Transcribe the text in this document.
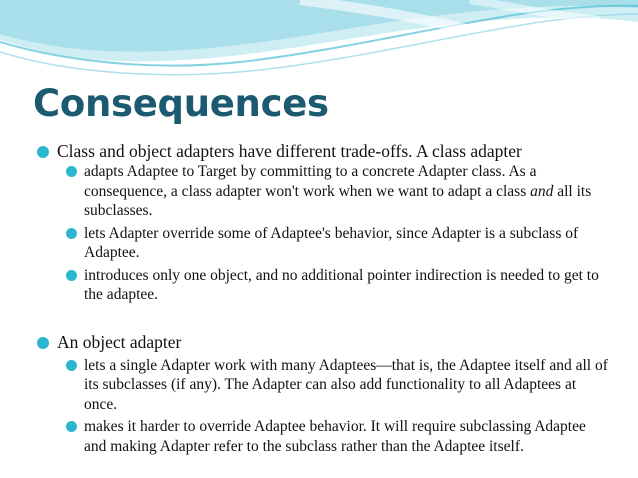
Consequences
Class and object adapters have different trade-offs. A class adapter
adapts Adaptee to Target by committing to a concrete Adapter class. As a consequence, a class adapter won't work when we want to adapt a class and all its subclasses.
lets Adapter override some of Adaptee's behavior, since Adapter is a subclass of Adaptee.
introduces only one object, and no additional pointer indirection is needed to get to the adaptee.
An object adapter
lets a single Adapter work with many Adaptees—that is, the Adaptee itself and all of its subclasses (if any). The Adapter can also add functionality to all Adaptees at once.
makes it harder to override Adaptee behavior. It will require subclassing Adaptee and making Adapter refer to the subclass rather than the Adaptee itself.
